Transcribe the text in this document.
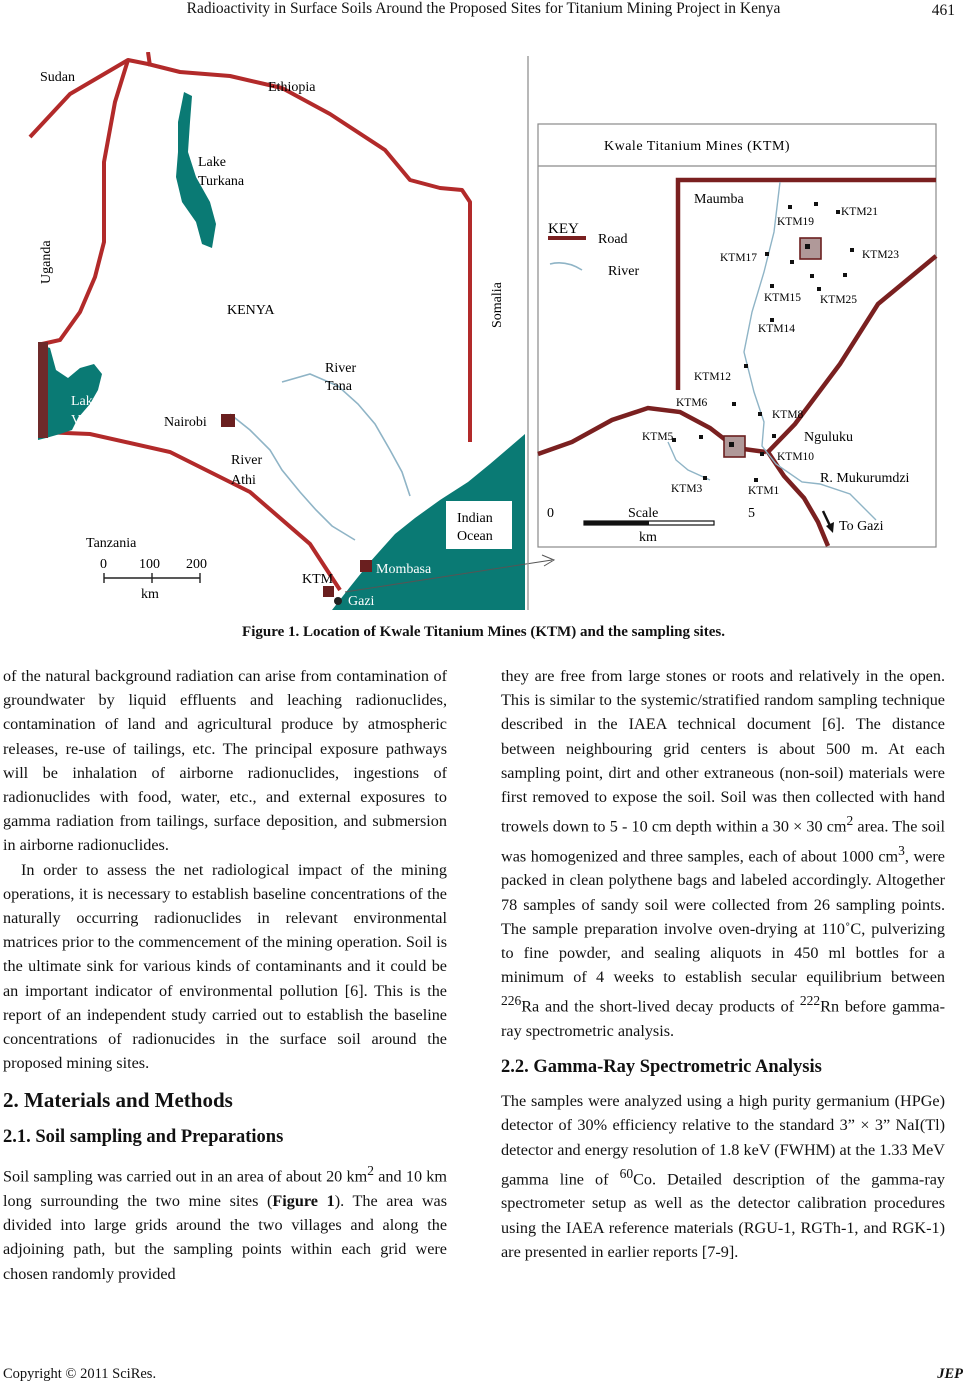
Radioactivity in Surface Soils Around the Proposed Sites for Titanium Mining Project in Kenya	461
Sudan
Ethiopia
Lake
Turkana
Uganda
KENYA	Somalia
Lake
Victoria	Nairobi
River
Tana
River
Athi
Indian
Ocean
Tanzania
Mombasa
KTM
Gazi
0 100 200
km
Kwale Titanium Mines (KTM)
KEY
Road
River
Maumba
Nguluku
R. Mukurumdzi
To Gazi
KTM19
KTM21
KTM17	KTM23
KTM15 KTM25
KTM14
KTM12
KTM6
KTM8
KTM5
KTM10
KTM3	KTM1
0	Scale	5
km
Figure 1. Location of Kwale Titanium Mines (KTM) and the sampling sites.

of the natural background radiation can arise from contamination of groundwater by liquid effluents and leaching radionuclides, contamination of land and agricultural produce by atmospheric releases, re-use of tailings, etc. The principal exposure pathways will be inhalation of airborne radionuclides, ingestions of radionuclides with food, water, etc., and external exposures to gamma radiation from tailings, surface deposition, and submersion in airborne radionuclides.

In order to assess the net radiological impact of the mining operations, it is necessary to establish baseline concentrations of the naturally occurring radionuclides in relevant environmental matrices prior to the commencement of the mining operation. Soil is the ultimate sink for various kinds of contaminants and it could be an important indicator of environmental pollution [6]. This is the report of an independent study carried out to establish the baseline concentrations of radionucides in the surface soil around the proposed mining sites.

2. Materials and Methods
2.1. Soil sampling and Preparations

Soil sampling was carried out in an area of about 20 $km^2$ and 10 km long surrounding the two mine sites (Figure 1). The area was divided into large grids around the two villages and along the adjoining path, but the sampling points within each grid were chosen randomly provided

they are free from large stones or roots and relatively in the open. This is similar to the systemic/stratified random sampling technique described in the IAEA technical document [6]. The distance between neighbouring grid centers is about 500 m. At each sampling point, dirt and other extraneous (non-soil) materials were first removed to expose the soil. Soil was then collected with hand trowels down to 5 - 10 cm depth within a 30 × 30 $cm^2$ area. The soil was homogenized and three samples, each of about 1000 $cm^3$, were packed in clean polythene bags and labeled accordingly. Altogether 78 samples of sandy soil were collected from 26 sampling points. The sample preparation involve oven-drying at 110˚C, pulverizing to fine powder, and sealing aliquots in 450 ml bottles for a minimum of 4 weeks to establish secular equilibrium between $^{226}$Ra and the short-lived decay products of $^{222}$Rn before gamma-ray spectrometric analysis.

2.2. Gamma-Ray Spectrometric Analysis

The samples were analyzed using a high purity germanium (HPGe) detector of 30% efficiency relative to the standard 3” × 3” NaI(Tl) detector and energy resolution of 1.8 keV (FWHM) at the 1.33 MeV gamma line of $^{60}$Co. Detailed description of the gamma-ray spectrometer setup as well as the detector calibration procedures using the IAEA reference materials (RGU-1, RGTh-1, and RGK-1) are presented in earlier reports [7-9].

Copyright © 2011 SciRes.	JEP
